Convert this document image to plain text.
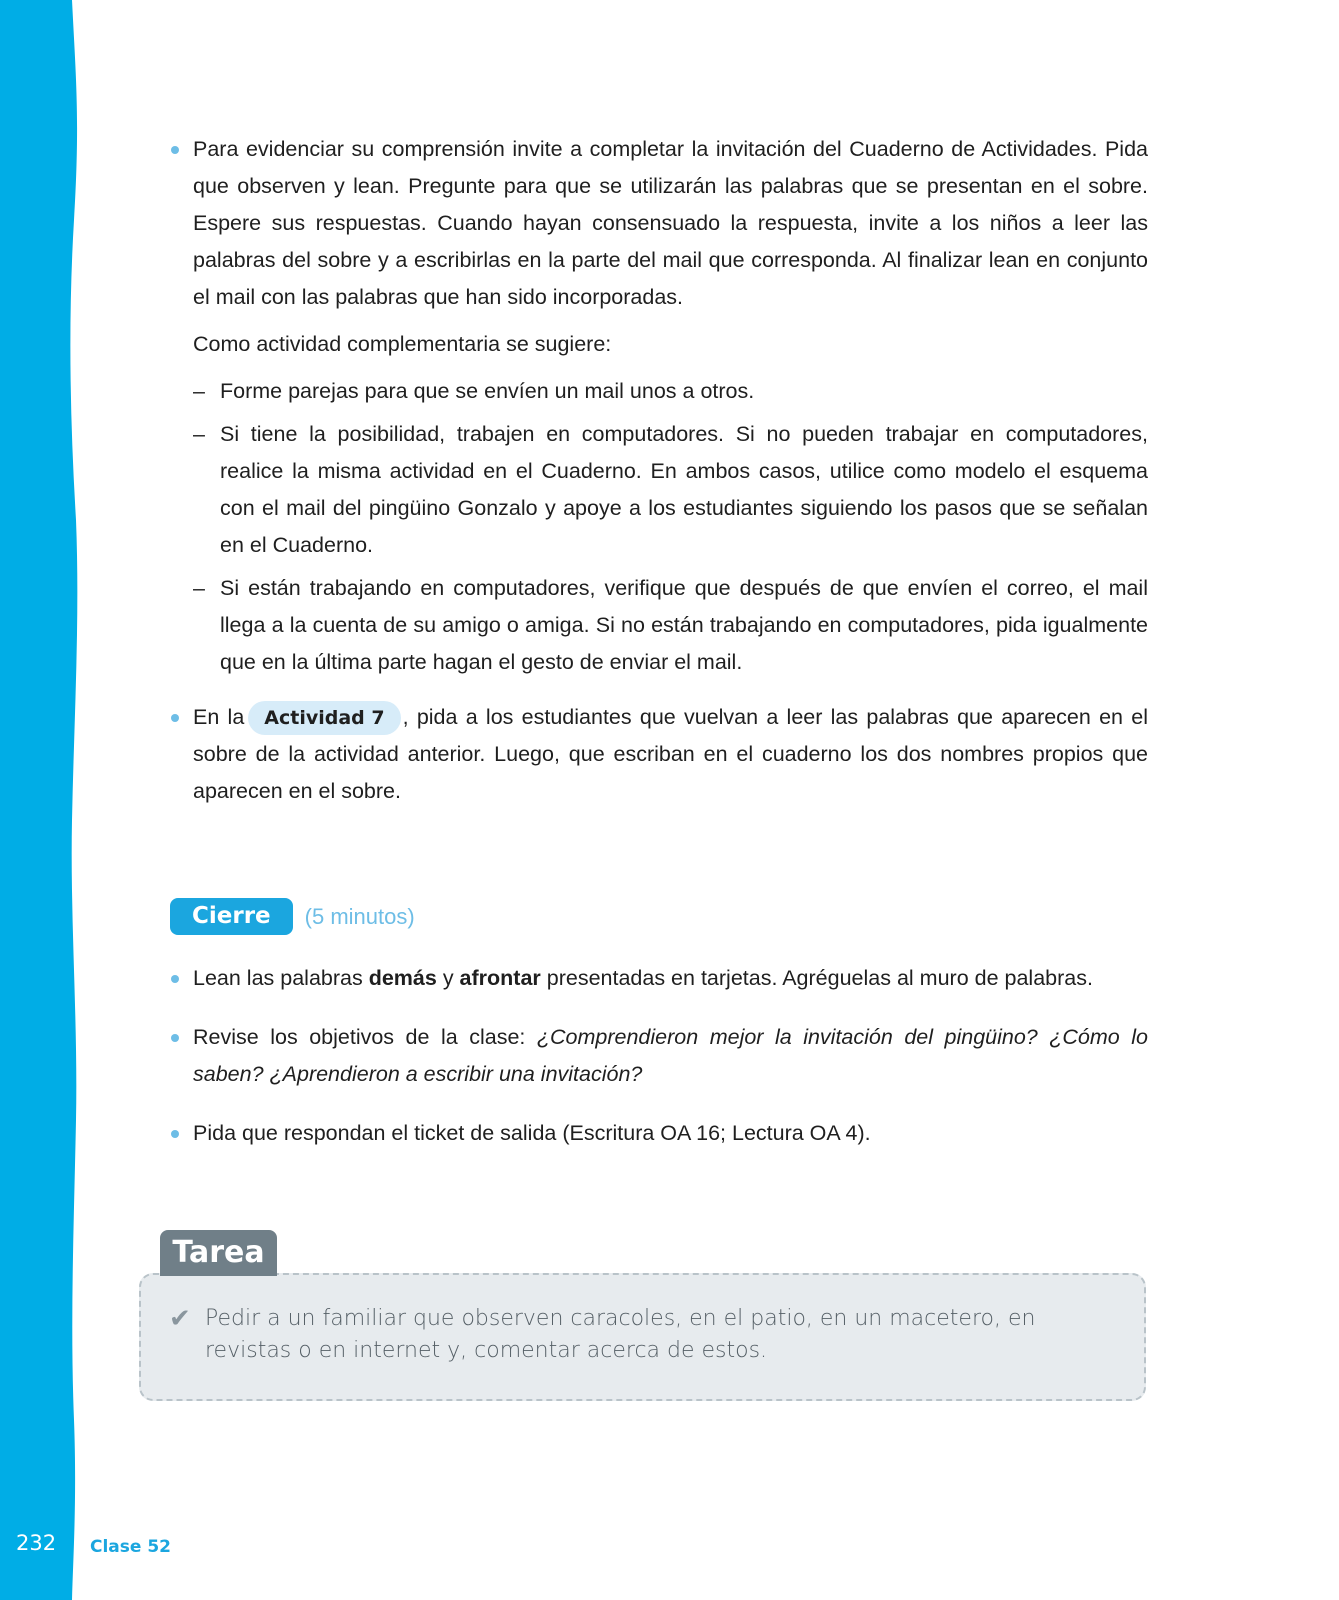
232 Clase 52

Para evidenciar su comprensión invite a completar la invitación del Cuaderno de Actividades. Pida que observen y lean. Pregunte para que se utilizarán las palabras que se presentan en el sobre. Espere sus respuestas. Cuando hayan consensuado la respuesta, invite a los niños a leer las palabras del sobre y a escribirlas en la parte del mail que corresponda. Al finalizar lean en conjunto el mail con las palabras que han sido incorporadas.

Como actividad complementaria se sugiere:

– Forme parejas para que se envíen un mail unos a otros.

– Si tiene la posibilidad, trabajen en computadores. Si no pueden trabajar en computadores, realice la misma actividad en el Cuaderno. En ambos casos, utilice como modelo el esquema con el mail del pingüino Gonzalo y apoye a los estudiantes siguiendo los pasos que se señalan en el Cuaderno.

– Si están trabajando en computadores, verifique que después de que envíen el correo, el mail llega a la cuenta de su amigo o amiga. Si no están trabajando en computadores, pida igualmente que en la última parte hagan el gesto de enviar el mail.

En la Actividad 7 , pida a los estudiantes que vuelvan a leer las palabras que aparecen en el sobre de la actividad anterior. Luego, que escriban en el cuaderno los dos nombres propios que aparecen en el sobre.

Cierre	(5 minutos)

Lean las palabras demás y afrontar presentadas en tarjetas. Agréguelas al muro de palabras.

Revise los objetivos de la clase: ¿Comprendieron mejor la invitación del pingüino? ¿Cómo lo saben? ¿Aprendieron a escribir una invitación?

Pida que respondan el ticket de salida (Escritura OA 16; Lectura OA 4).

✔ Pedir a un familiar que observen caracoles, en el patio, en un macetero, en revistas o en internet y, comentar acerca de estos.
Tarea
